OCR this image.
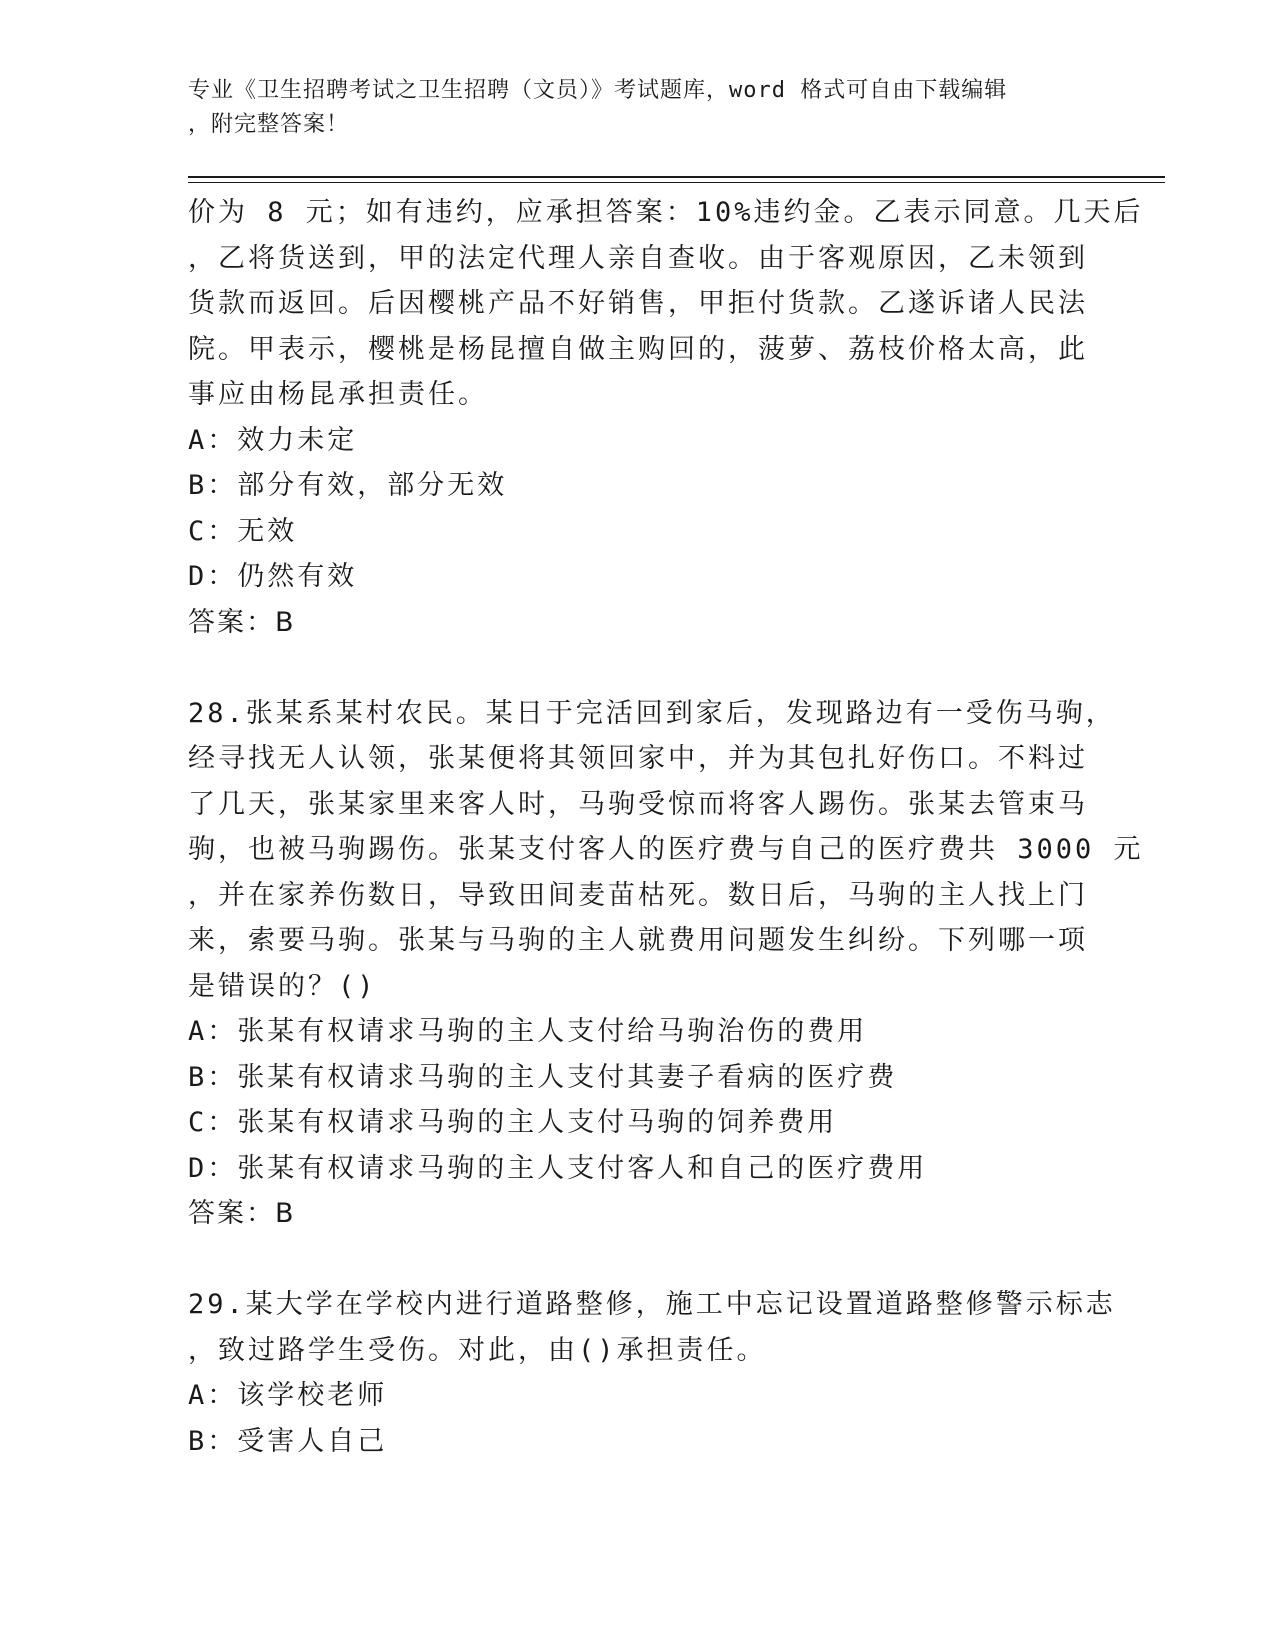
专业《卫生招聘考试之卫生招聘（文员）》考试题库，word 格式可自由下载编辑
，附完整答案！
价为 8 元；如有违约，应承担答案：10%违约金。乙表示同意。几天后
，乙将货送到，甲的法定代理人亲自查收。由于客观原因，乙未领到
货款而返回。后因樱桃产品不好销售，甲拒付货款。乙遂诉诸人民法
院。甲表示，樱桃是杨昆擅自做主购回的，菠萝、荔枝价格太高，此
事应由杨昆承担责任。
A：效力未定
B：部分有效，部分无效
C：无效
D：仍然有效
答案：B
28.张某系某村农民。某日于完活回到家后，发现路边有一受伤马驹，
经寻找无人认领，张某便将其领回家中，并为其包扎好伤口。不料过
了几天，张某家里来客人时，马驹受惊而将客人踢伤。张某去管束马
驹，也被马驹踢伤。张某支付客人的医疗费与自己的医疗费共 3000 元
，并在家养伤数日，导致田间麦苗枯死。数日后，马驹的主人找上门
来，索要马驹。张某与马驹的主人就费用问题发生纠纷。下列哪一项
是错误的？()
A：张某有权请求马驹的主人支付给马驹治伤的费用
B：张某有权请求马驹的主人支付其妻子看病的医疗费
C：张某有权请求马驹的主人支付马驹的饲养费用
D：张某有权请求马驹的主人支付客人和自己的医疗费用
答案：B
29.某大学在学校内进行道路整修，施工中忘记设置道路整修警示标志
，致过路学生受伤。对此，由()承担责任。
A：该学校老师
B：受害人自己
